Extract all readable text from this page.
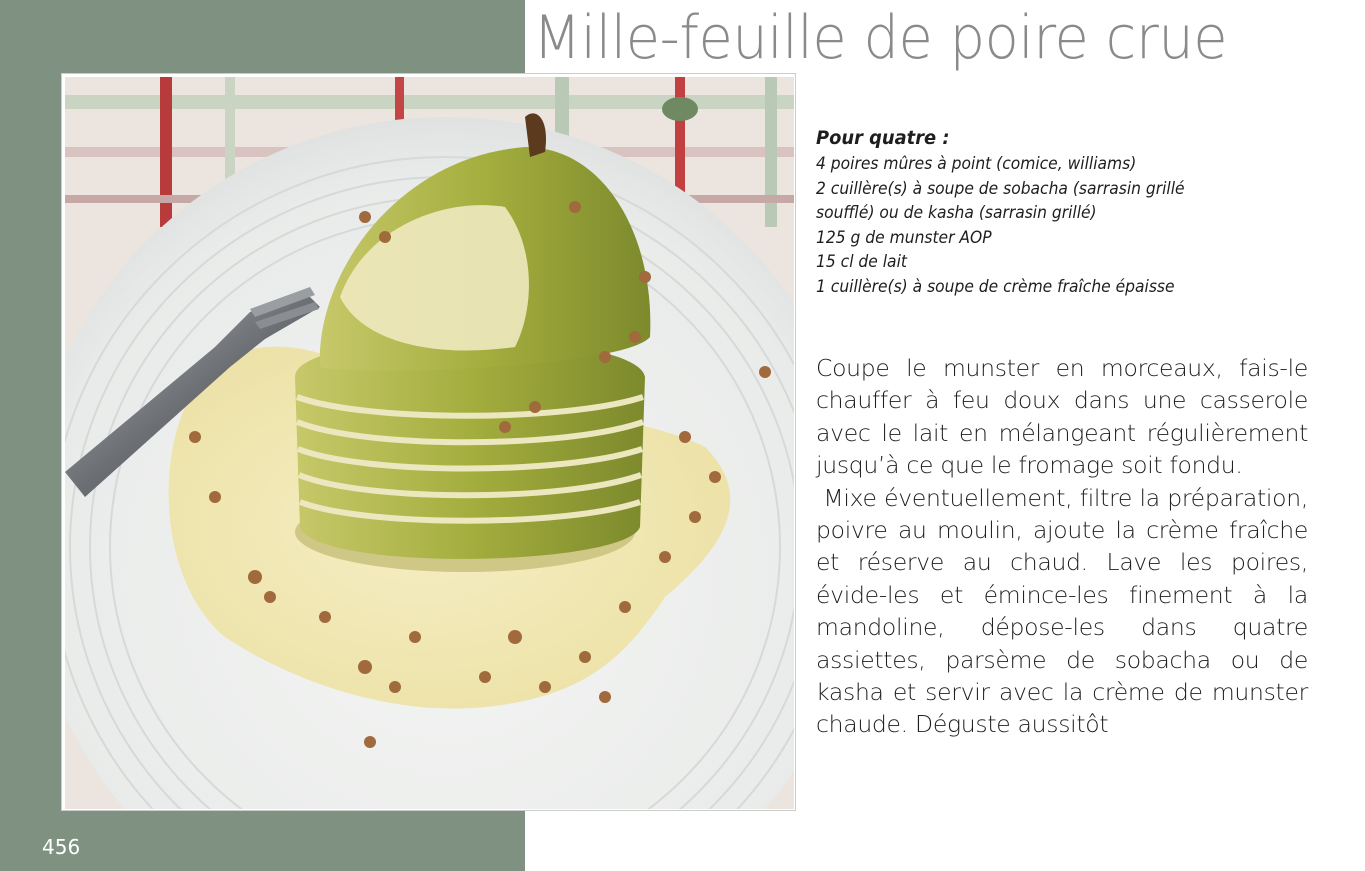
Mille-feuille de poire crue
Pour quatre :
4 poires mûres à point (comice, williams)
2 cuillère(s) à soupe de sobacha (sarrasin grillé
soufflé) ou de kasha (sarrasin grillé)
125 g de munster AOP
15 cl de lait
1 cuillère(s) à soupe de crème fraîche épaisse

Coupe le munster en morceaux, fais-le chauffer à feu doux dans une casserole avec le lait en mélangeant régulièrement jusqu’à ce que le fromage soit fondu.

Mixe éventuellement, filtre la préparation, poivre au moulin, ajoute la crème fraîche et réserve au chaud. Lave les poires, évide-les et émince-les finement à la mandoline, dépose-les dans quatre assiettes, parsème de sobacha ou de kasha et servir avec la crème de munster chaude. Déguste aussitôt

456
